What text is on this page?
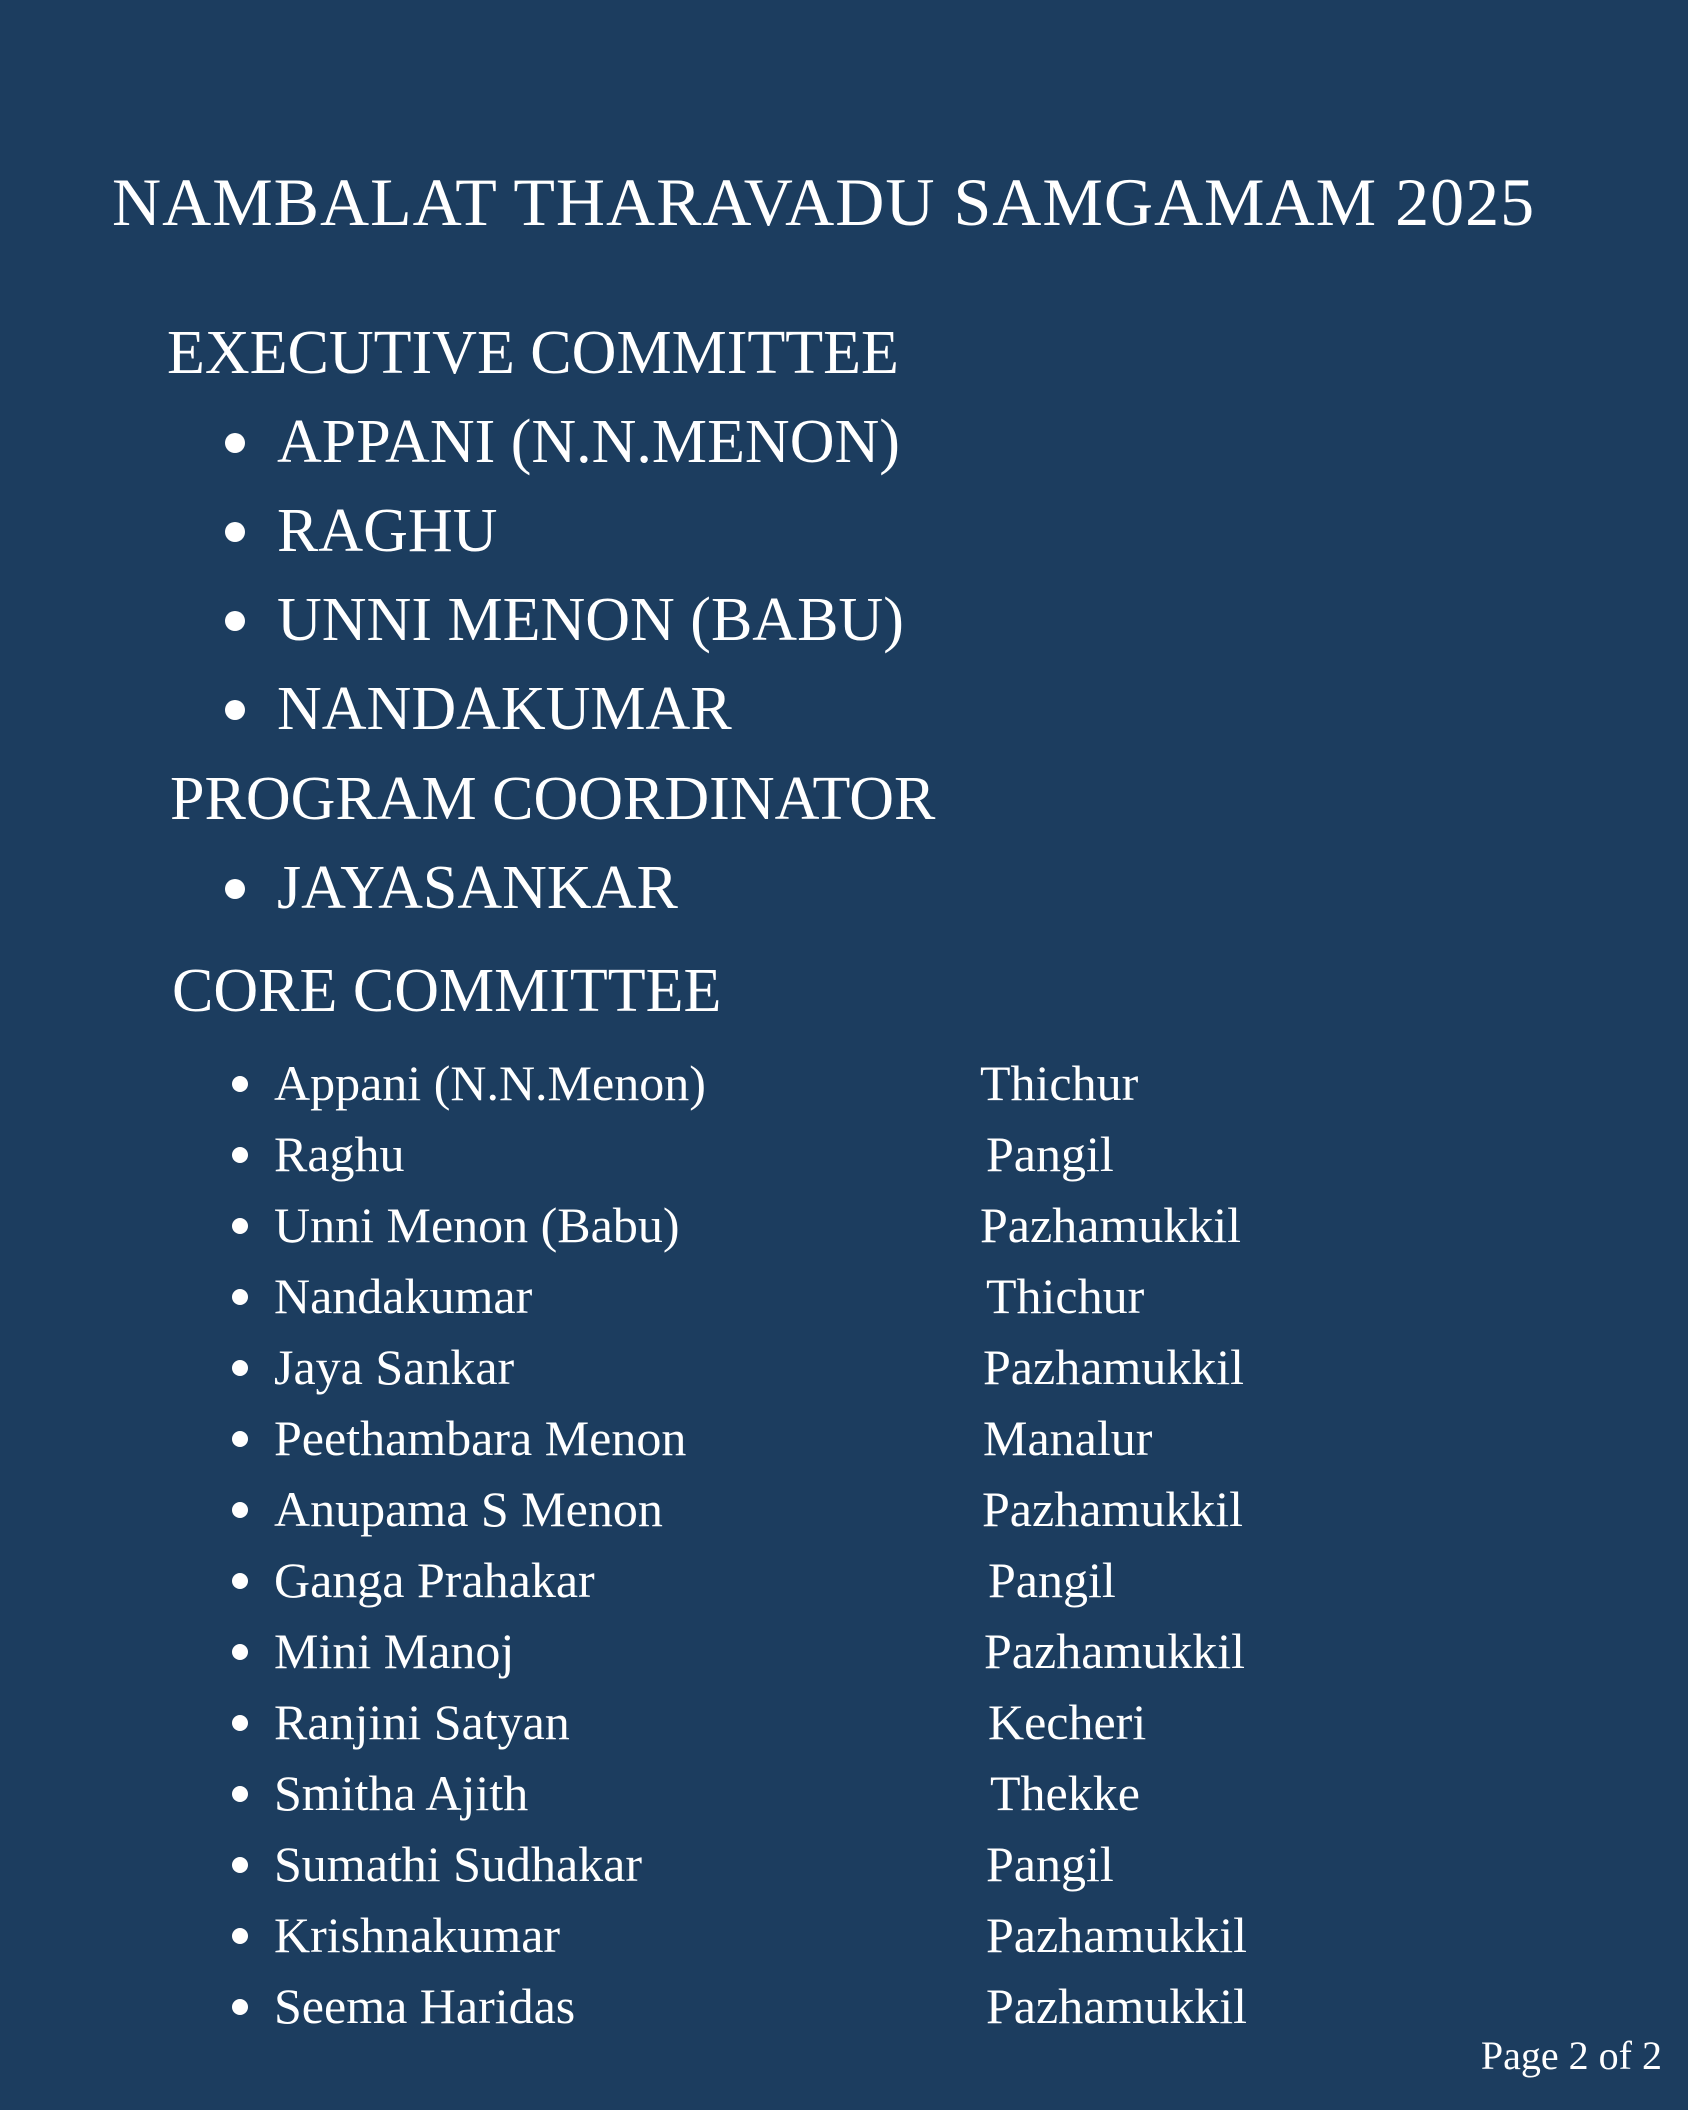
NAMBALAT THARAVADU SAMGAMAM 2025
EXECUTIVE COMMITTEE
APPANI (N.N.MENON)
RAGHU
UNNI MENON (BABU)
NANDAKUMAR
PROGRAM COORDINATOR
JAYASANKAR
CORE COMMITTEE
Appani (N.N.Menon)	Thichur
Raghu	Pangil
Unni Menon (Babu)	Pazhamukkil
Nandakumar	Thichur
Jaya Sankar	Pazhamukkil
Peethambara Menon	Manalur
Anupama S Menon	Pazhamukkil
Ganga Prahakar	Pangil
Mini Manoj	Pazhamukkil
Ranjini Satyan	Kecheri
Smitha Ajith	Thekke
Sumathi Sudhakar	Pangil
Krishnakumar	Pazhamukkil
Seema Haridas	Pazhamukkil
Page 2 of 2
